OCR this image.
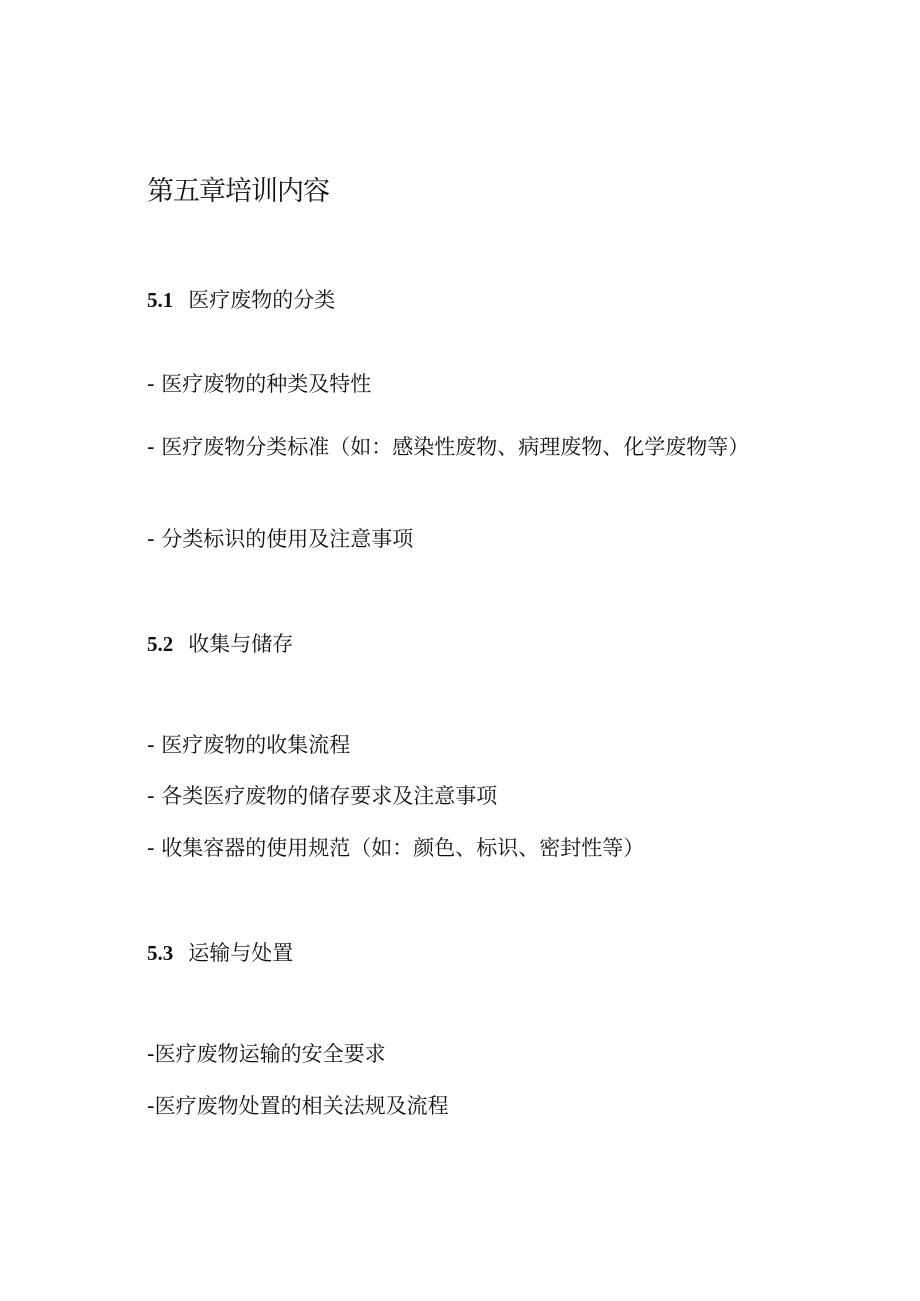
第五章培训内容
5.1 医疗废物的分类
- 医疗废物的种类及特性
- 医疗废物分类标准（如：感染性废物、病理废物、化学废物等）
- 分类标识的使用及注意事项
5.2 收集与储存
- 医疗废物的收集流程
- 各类医疗废物的储存要求及注意事项
- 收集容器的使用规范（如：颜色、标识、密封性等）
5.3 运输与处置
-医疗废物运输的安全要求
-医疗废物处置的相关法规及流程
